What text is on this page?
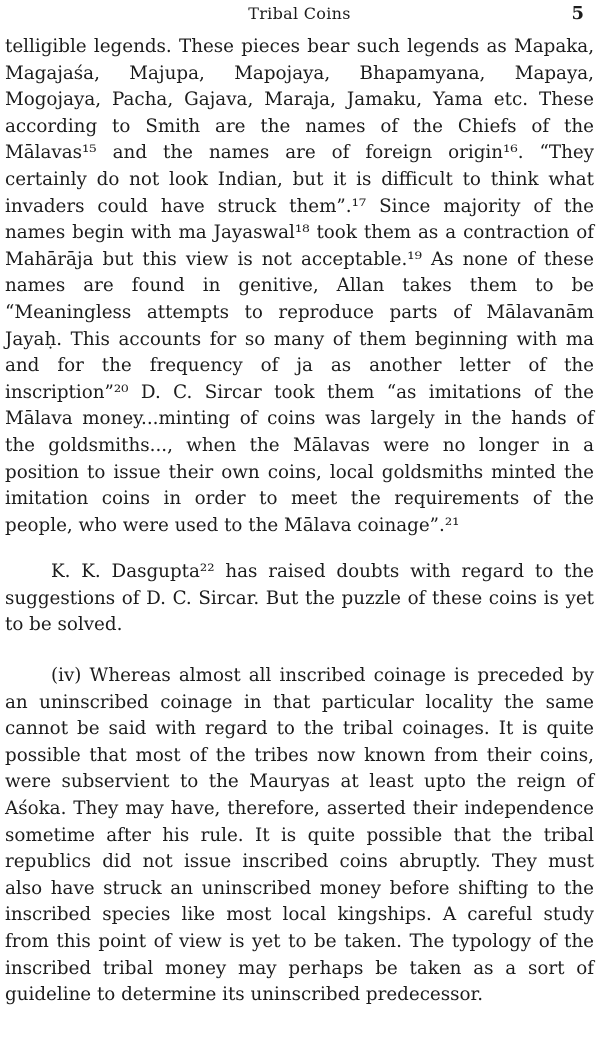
Tribal Coins	5

telligible legends. These pieces bear such legends as Mapaka, Magajaśa, Majupa, Mapojaya, Bhapamyana, Mapaya, Mogojaya, Pacha, Gajava, Maraja, Jamaku, Yama etc. These according to Smith are the names of the Chiefs of the Mālavas¹⁵ and the names are of foreign origin¹⁶. “They certainly do not look Indian, but it is difficult to think what invaders could have struck them”.¹⁷ Since majority of the names begin with ma Jayaswal¹⁸ took them as a contraction of Mahārāja but this view is not acceptable.¹⁹ As none of these names are found in genitive, Allan takes them to be “Meaningless attempts to reproduce parts of Mālavanām Jayaḥ. This accounts for so many of them beginning with ma and for the frequency of ja as another letter of the inscription”²⁰ D. C. Sircar took them “as imitations of the Mālava money...minting of coins was largely in the hands of the goldsmiths..., when the Mālavas were no longer in a position to issue their own coins, local goldsmiths minted the imitation coins in order to meet the requirements of the people, who were used to the Mālava coinage”.²¹

K. K. Dasgupta²² has raised doubts with regard to the suggestions of D. C. Sircar. But the puzzle of these coins is yet to be solved.

(iv) Whereas almost all inscribed coinage is preceded by an uninscribed coinage in that particular locality the same cannot be said with regard to the tribal coinages. It is quite possible that most of the tribes now known from their coins, were subservient to the Mauryas at least upto the reign of Aśoka. They may have, therefore, asserted their independence sometime after his rule. It is quite possible that the tribal republics did not issue inscribed coins abruptly. They must also have struck an uninscribed money before shifting to the inscribed species like most local kingships. A careful study from this point of view is yet to be taken. The typology of the inscribed tribal money may perhaps be taken as a sort of guideline to determine its uninscribed predecessor.
